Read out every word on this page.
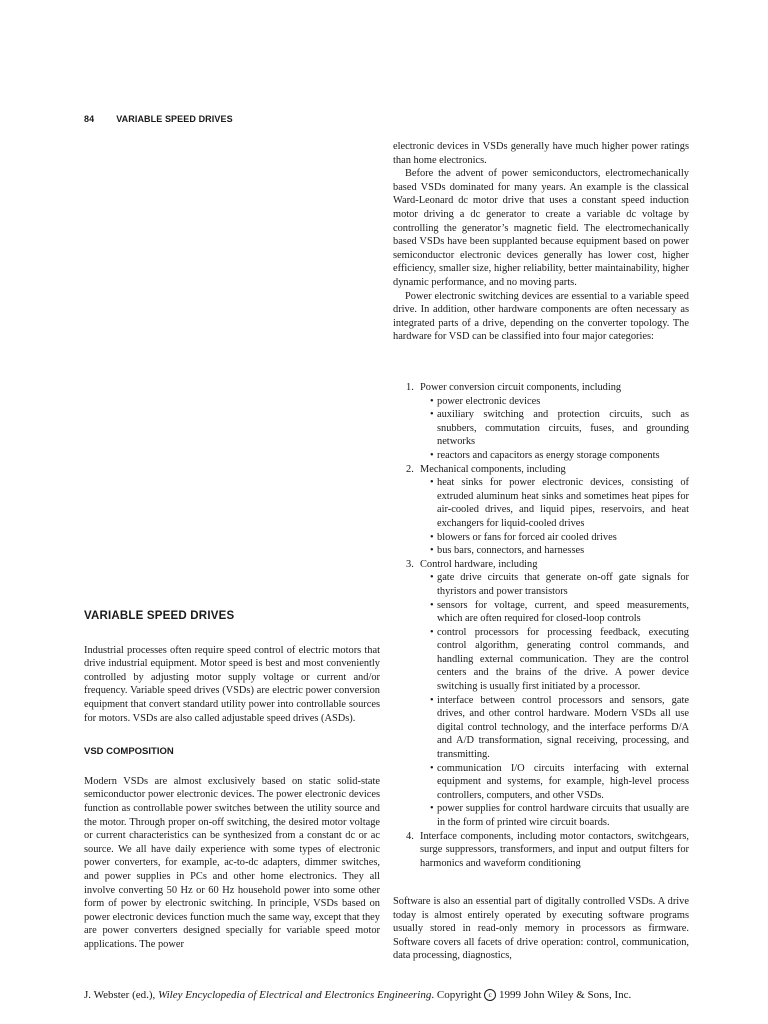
84 VARIABLE SPEED DRIVES

electronic devices in VSDs generally have much higher power ratings than home electronics.

Before the advent of power semiconductors, electromechanically based VSDs dominated for many years. An example is the classical Ward-Leonard dc motor drive that uses a constant speed induction motor driving a dc generator to create a variable dc voltage by controlling the generator’s magnetic field. The electromechanically based VSDs have been supplanted because equipment based on power semiconductor electronic devices generally has lower cost, higher efficiency, smaller size, higher reliability, better maintainability, higher dynamic performance, and no moving parts.

Power electronic switching devices are essential to a variable speed drive. In addition, other hardware components are often necessary as integrated parts of a drive, depending on the converter topology. The hardware for VSD can be classified into four major categories:

1. Power conversion circuit components, including
• power electronic devices
• auxiliary switching and protection circuits, such as snubbers, commutation circuits, fuses, and grounding networks
• reactors and capacitors as energy storage components
2. Mechanical components, including
• heat sinks for power electronic devices, consisting of extruded aluminum heat sinks and sometimes heat pipes for air-cooled drives, and liquid pipes, reservoirs, and heat exchangers for liquid-cooled drives
• blowers or fans for forced air cooled drives
• bus bars, connectors, and harnesses
3. Control hardware, including
• gate drive circuits that generate on-off gate signals for thyristors and power transistors
• sensors for voltage, current, and speed measurements, which are often required for closed-loop controls
• control processors for processing feedback, executing control algorithm, generating control commands, and handling external communication. They are the control centers and the brains of the drive. A power device switching is usually first initiated by a processor.
• interface between control processors and sensors, gate drives, and other control hardware. Modern VSDs all use digital control technology, and the interface performs D/A and A/D transformation, signal receiving, processing, and transmitting.
• communication I/O circuits interfacing with external equipment and systems, for example, high-level process controllers, computers, and other VSDs.
• power supplies for control hardware circuits that usually are in the form of printed wire circuit boards.
4. Interface components, including motor contactors, switchgears, surge suppressors, transformers, and input and output filters for harmonics and waveform conditioning

Software is also an essential part of digitally controlled VSDs. A drive today is almost entirely operated by executing software programs usually stored in read-only memory in processors as firmware. Software covers all facets of drive operation: control, communication, data processing, diagnostics,

VARIABLE SPEED DRIVES

Industrial processes often require speed control of electric motors that drive industrial equipment. Motor speed is best and most conveniently controlled by adjusting motor supply voltage or current and/or frequency. Variable speed drives (VSDs) are electric power conversion equipment that convert standard utility power into controllable sources for motors. VSDs are also called adjustable speed drives (ASDs).

VSD COMPOSITION

Modern VSDs are almost exclusively based on static solid-state semiconductor power electronic devices. The power electronic devices function as controllable power switches between the utility source and the motor. Through proper on-off switching, the desired motor voltage or current characteristics can be synthesized from a constant dc or ac source. We all have daily experience with some types of electronic power converters, for example, ac-to-dc adapters, dimmer switches, and power supplies in PCs and other home electronics. They all involve converting 50 Hz or 60 Hz household power into some other form of power by electronic switching. In principle, VSDs based on power electronic devices function much the same way, except that they are power converters designed specially for variable speed motor applications. The power

J. Webster (ed.), Wiley Encyclopedia of Electrical and Electronics Engineering. Copyright c 1999 John Wiley & Sons, Inc.
